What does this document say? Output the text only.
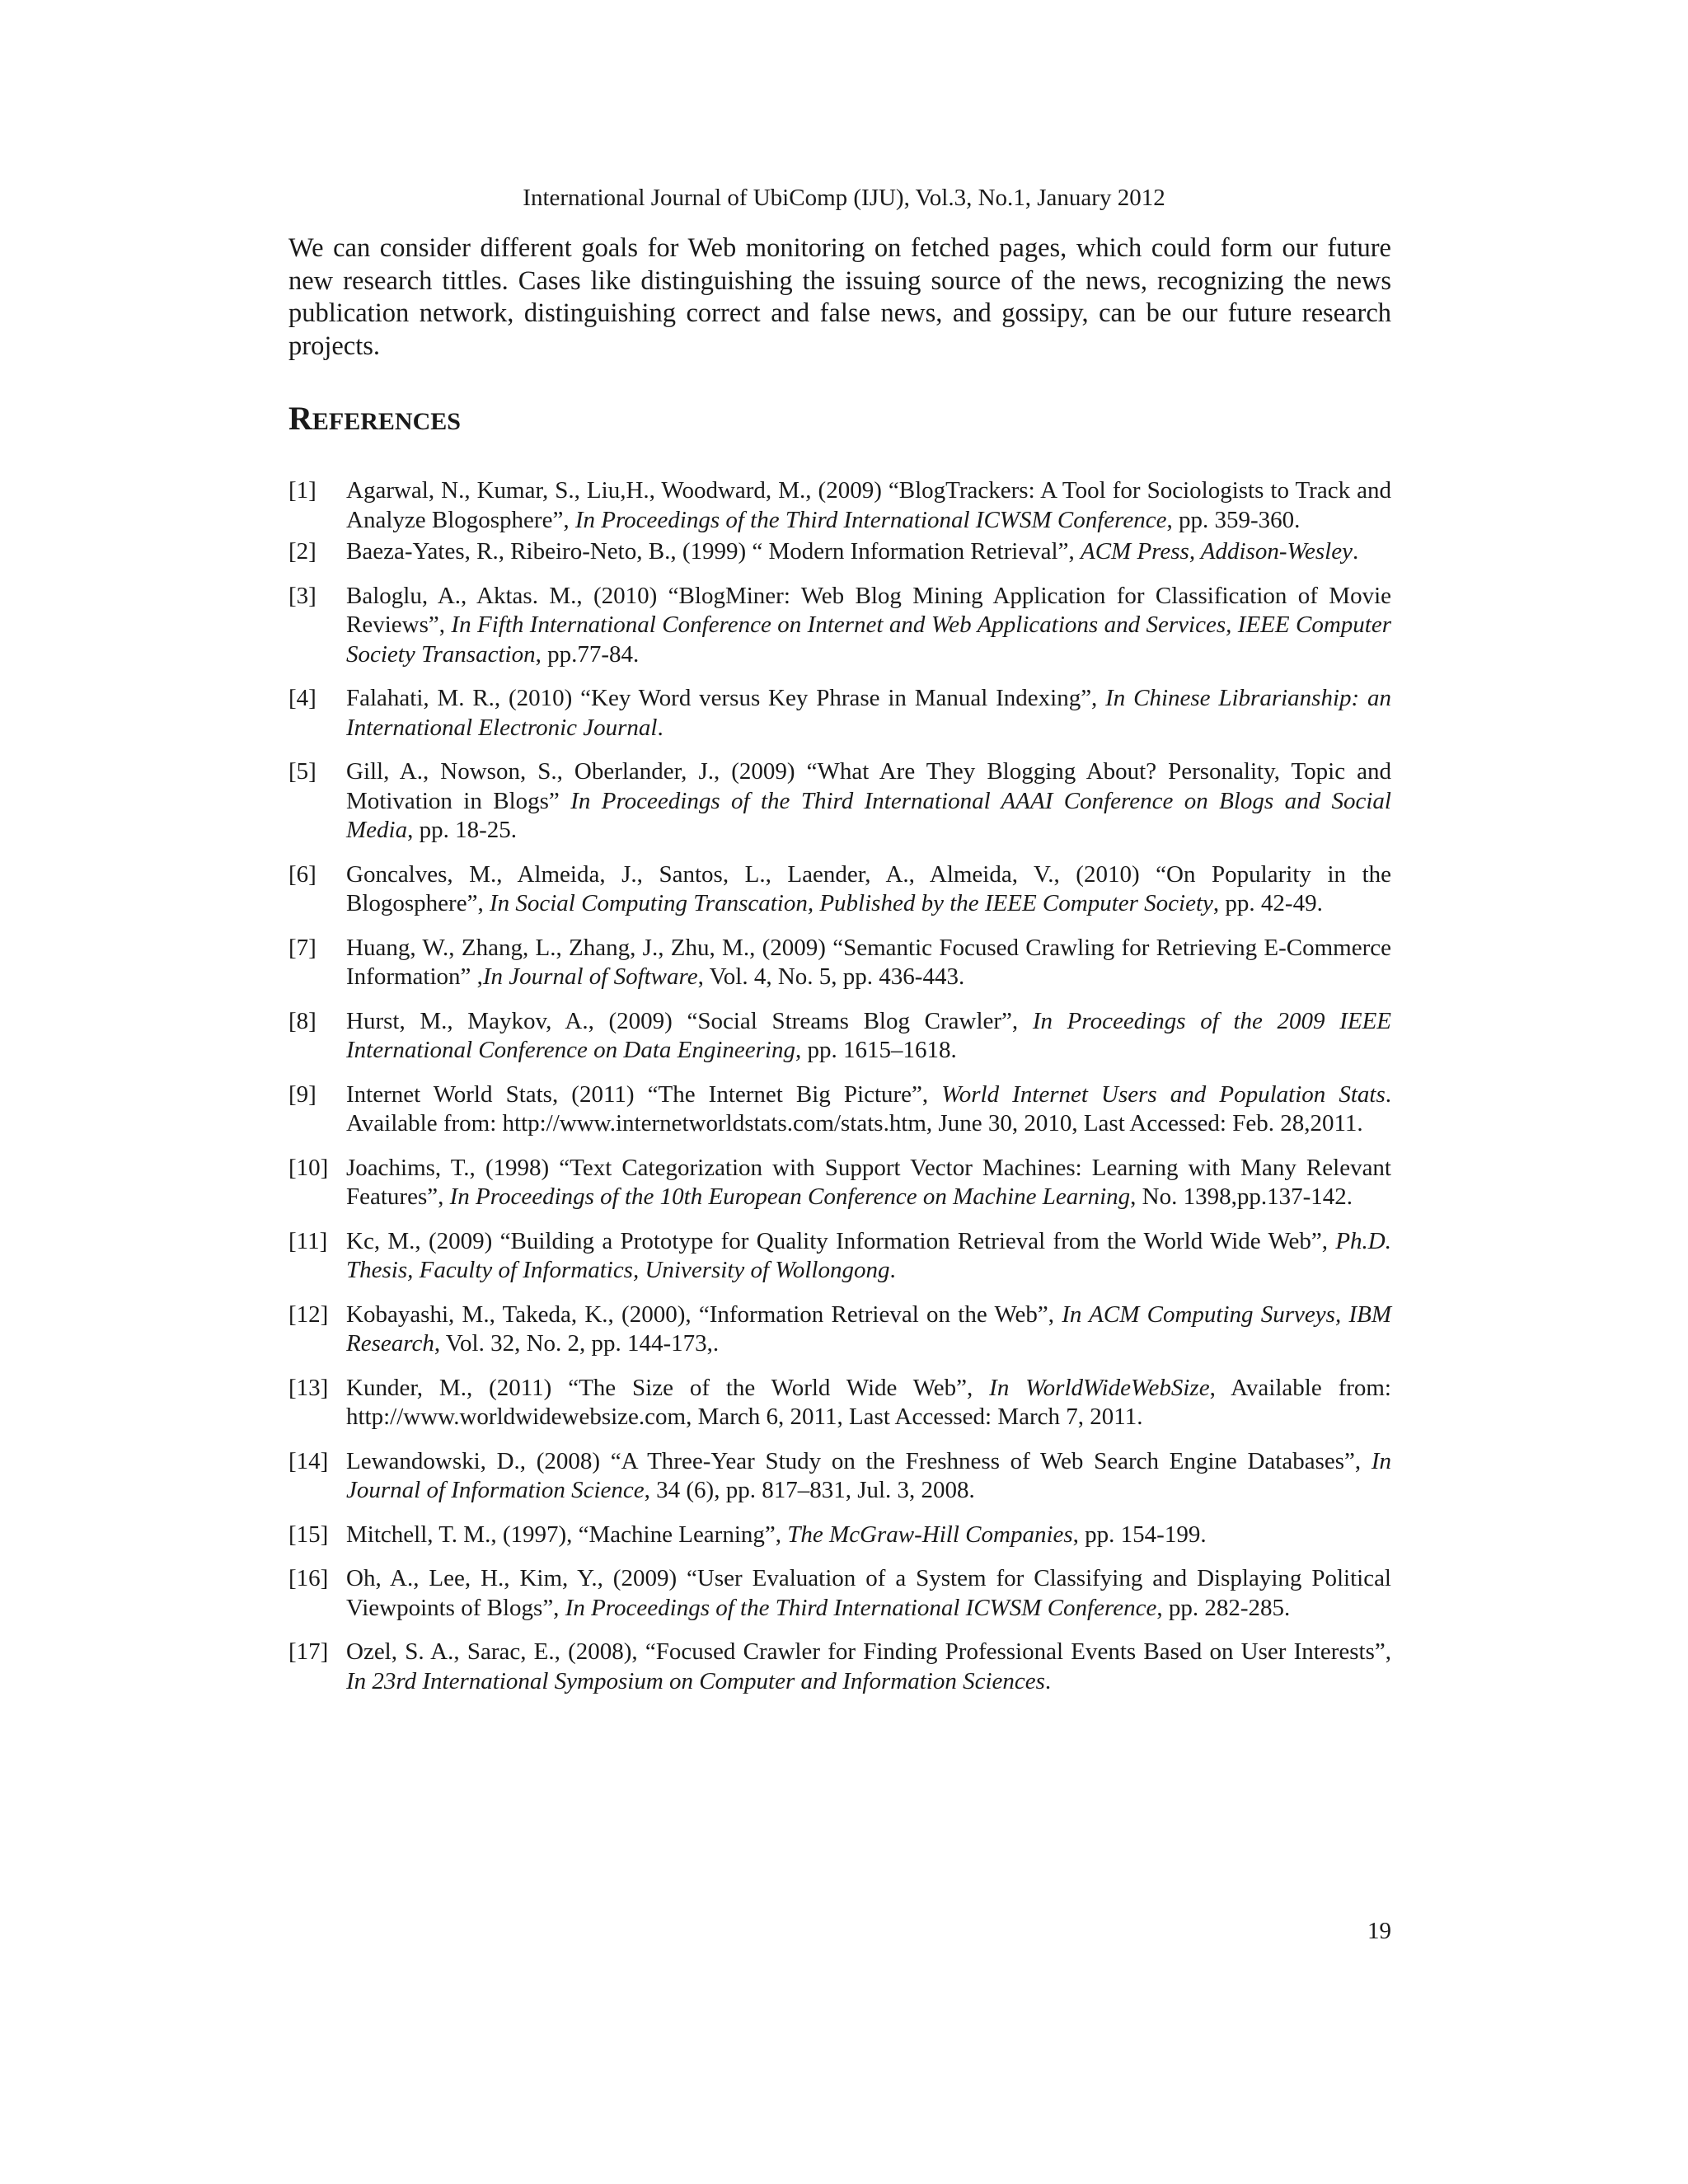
International Journal of UbiComp (IJU), Vol.3, No.1, January 2012

We can consider different goals for Web monitoring on fetched pages, which could form our future new research tittles. Cases like distinguishing the issuing source of the news, recognizing the news publication network, distinguishing correct and false news, and gossipy, can be our future research projects.

REFERENCES
[1] Agarwal, N., Kumar, S., Liu,H., Woodward, M., (2009) “BlogTrackers: A Tool for Sociologists to Track and Analyze Blogosphere”, In Proceedings of the Third International ICWSM Conference, pp. 359-360.
[2] Baeza-Yates, R., Ribeiro-Neto, B., (1999) “ Modern Information Retrieval”, ACM Press, Addison-Wesley.
[3] Baloglu, A., Aktas. M., (2010) “BlogMiner: Web Blog Mining Application for Classification of Movie Reviews”, In Fifth International Conference on Internet and Web Applications and Services, IEEE Computer Society Transaction, pp.77-84.
[4] Falahati, M. R., (2010) “Key Word versus Key Phrase in Manual Indexing”, In Chinese Librarianship: an International Electronic Journal.
[5] Gill, A., Nowson, S., Oberlander, J., (2009) “What Are They Blogging About? Personality, Topic and Motivation in Blogs” In Proceedings of the Third International AAAI Conference on Blogs and Social Media, pp. 18-25.
[6] Goncalves, M., Almeida, J., Santos, L., Laender, A., Almeida, V., (2010) “On Popularity in the Blogosphere”, In Social Computing Transcation, Published by the IEEE Computer Society, pp. 42-49.
[7] Huang, W., Zhang, L., Zhang, J., Zhu, M., (2009) “Semantic Focused Crawling for Retrieving E-Commerce Information” ,In Journal of Software, Vol. 4, No. 5, pp. 436-443.
[8] Hurst, M., Maykov, A., (2009) “Social Streams Blog Crawler”, In Proceedings of the 2009 IEEE International Conference on Data Engineering, pp. 1615–1618.
[9] Internet World Stats, (2011) “The Internet Big Picture”, World Internet Users and Population Stats. Available from: http://www.internetworldstats.com/stats.htm, June 30, 2010, Last Accessed: Feb. 28,2011.
[10] Joachims, T., (1998) “Text Categorization with Support Vector Machines: Learning with Many Relevant Features”, In Proceedings of the 10th European Conference on Machine Learning, No. 1398,pp.137-142.
[11] Kc, M., (2009) “Building a Prototype for Quality Information Retrieval from the World Wide Web”, Ph.D. Thesis, Faculty of Informatics, University of Wollongong.
[12] Kobayashi, M., Takeda, K., (2000), “Information Retrieval on the Web”, In ACM Computing Surveys, IBM Research, Vol. 32, No. 2, pp. 144-173,.
[13] Kunder, M., (2011) “The Size of the World Wide Web”, In WorldWideWebSize, Available from: http://www.worldwidewebsize.com, March 6, 2011, Last Accessed: March 7, 2011.
[14] Lewandowski, D., (2008) “A Three-Year Study on the Freshness of Web Search Engine Databases”, In Journal of Information Science, 34 (6), pp. 817–831, Jul. 3, 2008.
[15] Mitchell, T. M., (1997), “Machine Learning”, The McGraw-Hill Companies, pp. 154-199.
[16] Oh, A., Lee, H., Kim, Y., (2009) “User Evaluation of a System for Classifying and Displaying Political Viewpoints of Blogs”, In Proceedings of the Third International ICWSM Conference, pp. 282-285.
[17] Ozel, S. A., Sarac, E., (2008), “Focused Crawler for Finding Professional Events Based on User Interests”, In 23rd International Symposium on Computer and Information Sciences.
19
